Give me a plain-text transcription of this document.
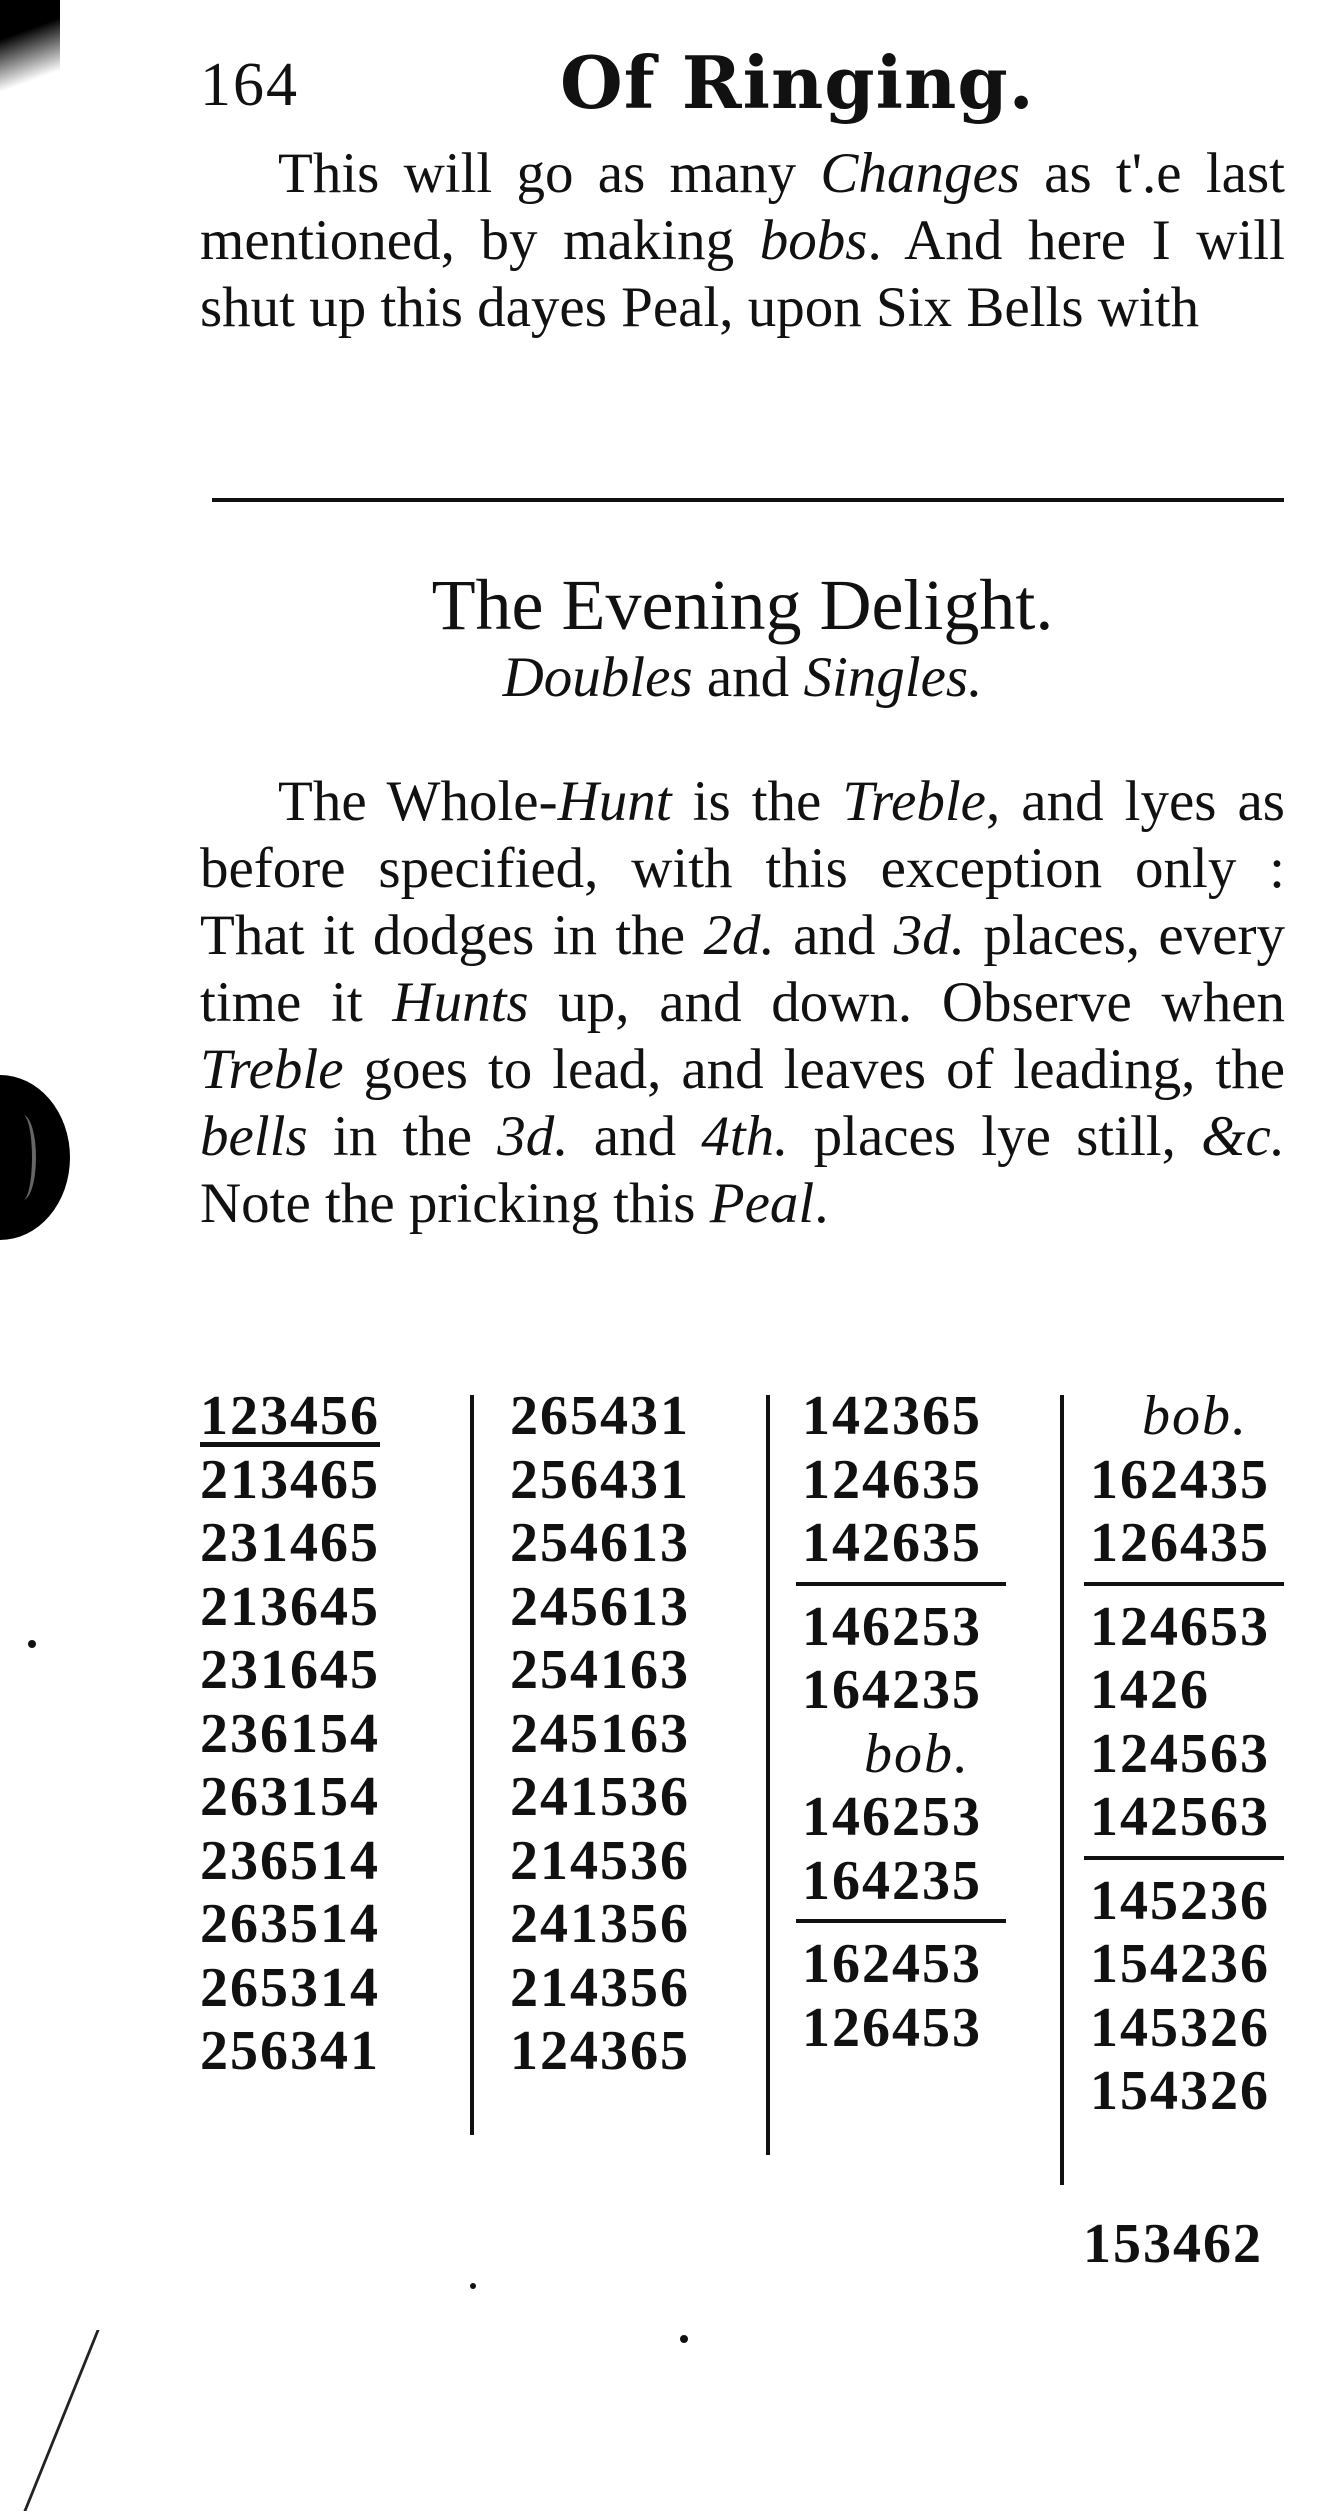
164	Of Ringing.

This will go as many Changes as t'.e last mentioned, by making bobs. And here I will shut up this dayes Peal, upon Six Bells with

The Evening Delight.
Doubles and Singles.

The Whole-Hunt is the Treble, and lyes as before specified, with this exception only : That it dodges in the 2d. and 3d. places, every time it Hunts up, and down. Observe when Treble goes to lead, and leaves of leading, the bells in the 3d. and 4th. places lye still, &c. Note the pricking this Peal.

123456
213465
231465
213645
231645
236154
263154
236514
263514
265314
256341
265431
256431
254613
245613
254163
245163
241536
214536
241356
214356
124365
142365
124635
142635
146253
164235
bob.
146253
164235
162453
126453
bob.
162435
126435
124653
1426
124563
142563
145236
154236
145326
154326
153462
